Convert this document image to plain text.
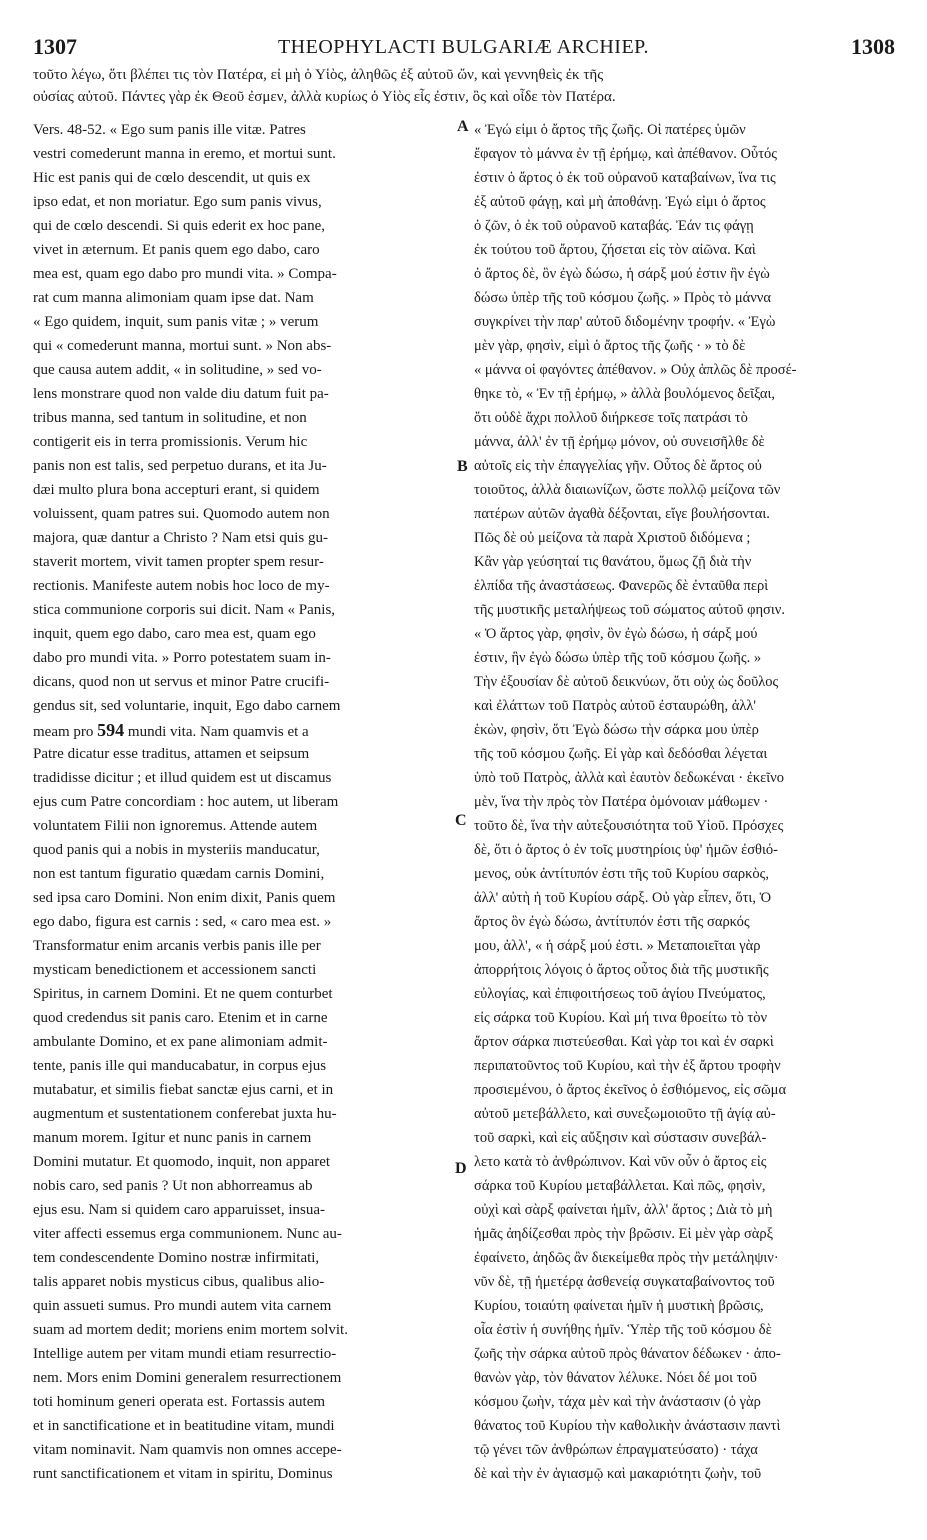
1307	THEOPHYLACTI BULGARIÆ ARCHIEP.	1308
τοῦτο λέγω, ὅτι βλέπει τις τὸν Πατέρα, εἰ μὴ ὁ Υἱὸς, ἀληθῶς ἐξ αὐτοῦ ὤν, καὶ γεννηθεὶς ἐκ τῆς
οὐσίας αὐτοῦ. Πάντες γὰρ ἐκ Θεοῦ ἐσμεν, ἀλλὰ κυρίως ὁ Υἱὸς εἷς ἐστιν, ὃς καὶ οἶδε τὸν Πατέρα.
Vers. 48-52. « Ego sum panis ille vitæ. Patres
vestri comederunt manna in eremo, et mortui sunt.
Hic est panis qui de cœlo descendit, ut quis ex
ipso edat, et non moriatur. Ego sum panis vivus,
qui de cœlo descendi. Si quis ederit ex hoc pane,
vivet in æternum. Et panis quem ego dabo, caro
mea est, quam ego dabo pro mundi vita. » Compa-
rat cum manna alimoniam quam ipse dat. Nam
« Ego quidem, inquit, sum panis vitæ ; » verum
qui « comederunt manna, mortui sunt. » Non abs-
que causa autem addit, « in solitudine, » sed vo-
lens monstrare quod non valde diu datum fuit pa-
tribus manna, sed tantum in solitudine, et non
contigerit eis in terra promissionis. Verum hic
panis non est talis, sed perpetuo durans, et ita Ju-
dæi multo plura bona accepturi erant, si quidem
voluissent, quam patres sui. Quomodo autem non
majora, quæ dantur a Christo ? Nam etsi quis gu-
staverit mortem, vivit tamen propter spem resur-
rectionis. Manifeste autem nobis hoc loco de my-
stica communione corporis sui dicit. Nam « Panis,
inquit, quem ego dabo, caro mea est, quam ego
dabo pro mundi vita. » Porro potestatem suam in-
dicans, quod non ut servus et minor Patre crucifi-
gendus sit, sed voluntarie, inquit, Ego dabo carnem
meam pro 594 mundi vita. Nam quamvis et a
Patre dicatur esse traditus, attamen et seipsum
tradidisse dicitur ; et illud quidem est ut discamus
ejus cum Patre concordiam : hoc autem, ut liberam
voluntatem Filii non ignoremus. Attende autem
quod panis qui a nobis in mysteriis manducatur,
non est tantum figuratio quædam carnis Domini,
sed ipsa caro Domini. Non enim dixit, Panis quem
ego dabo, figura est carnis : sed, « caro mea est. »
Transformatur enim arcanis verbis panis ille per
mysticam benedictionem et accessionem sancti
Spiritus, in carnem Domini. Et ne quem conturbet
quod credendus sit panis caro. Etenim et in carne
ambulante Domino, et ex pane alimoniam admit-
tente, panis ille qui manducabatur, in corpus ejus
mutabatur, et similis fiebat sanctæ ejus carni, et in
augmentum et sustentationem conferebat juxta hu-
manum morem. Igitur et nunc panis in carnem
Domini mutatur. Et quomodo, inquit, non apparet
nobis caro, sed panis ? Ut non abhorreamus ab
ejus esu. Nam si quidem caro apparuisset, insua-
viter affecti essemus erga communionem. Nunc au-
tem condescendente Domino nostræ infirmitati,
talis apparet nobis mysticus cibus, qualibus alio-
quin assueti sumus. Pro mundi autem vita carnem
suam ad mortem dedit; moriens enim mortem solvit.
Intellige autem per vitam mundi etiam resurrectio-
nem. Mors enim Domini generalem resurrectionem
toti hominum generi operata est. Fortassis autem
et in sanctificatione et in beatitudine vitam, mundi
vitam nominavit. Nam quamvis non omnes accepe-
runt sanctificationem et vitam in spiritu, Dominus
« Ἐγώ εἰμι ὁ ἄρτος τῆς ζωῆς. Οἱ πατέρες ὑμῶν
ἔφαγον τὸ μάννα ἐν τῇ ἐρήμῳ, καὶ ἀπέθανον. Οὗτός
ἐστιν ὁ ἄρτος ὁ ἐκ τοῦ οὐρανοῦ καταβαίνων, ἵνα τις
ἐξ αὐτοῦ φάγῃ, καὶ μὴ ἀποθάνῃ. Ἐγώ εἰμι ὁ ἄρτος
ὁ ζῶν, ὁ ἐκ τοῦ οὐρανοῦ καταβάς. Ἐάν τις φάγῃ
ἐκ τούτου τοῦ ἄρτου, ζήσεται εἰς τὸν αἰῶνα. Καὶ
ὁ ἄρτος δὲ, ὃν ἐγὼ δώσω, ἡ σάρξ μού ἐστιν ἣν ἐγὼ
δώσω ὑπὲρ τῆς τοῦ κόσμου ζωῆς. » Πρὸς τὸ μάννα
συγκρίνει τὴν παρ' αὐτοῦ διδομένην τροφήν. « Ἐγὼ
μὲν γὰρ, φησὶν, εἰμὶ ὁ ἄρτος τῆς ζωῆς · » τὸ δὲ
« μάννα οἱ φαγόντες ἀπέθανον. » Οὐχ ἁπλῶς δὲ προσέ-
θηκε τὸ, « Ἐν τῇ ἐρήμῳ, » ἀλλὰ βουλόμενος δεῖξαι,
ὅτι οὐδὲ ἄχρι πολλοῦ διήρκεσε τοῖς πατράσι τὸ
μάννα, ἀλλ' ἐν τῇ ἐρήμῳ μόνον, οὐ συνεισῆλθε δὲ
αὐτοῖς εἰς τὴν ἐπαγγελίας γῆν. Οὗτος δὲ ἄρτος οὐ
τοιοῦτος, ἀλλὰ διαιωνίζων, ὥστε πολλῷ μείζονα τῶν
πατέρων αὐτῶν ἀγαθὰ δέξονται, εἴγε βουλήσονται.
Πῶς δὲ οὐ μείζονα τὰ παρὰ Χριστοῦ διδόμενα ;
Κἂν γὰρ γεύσηταί τις θανάτου, ὅμως ζῇ διὰ τὴν
ἐλπίδα τῆς ἀναστάσεως. Φανερῶς δὲ ἐνταῦθα περὶ
τῆς μυστικῆς μεταλήψεως τοῦ σώματος αὐτοῦ φησιν.
« Ὁ ἄρτος γὰρ, φησὶν, ὃν ἐγὼ δώσω, ἡ σάρξ μού
ἐστιν, ἣν ἐγὼ δώσω ὑπὲρ τῆς τοῦ κόσμου ζωῆς. »
Τὴν ἐξουσίαν δὲ αὐτοῦ δεικνύων, ὅτι οὐχ ὡς δοῦλος
καὶ ἐλάττων τοῦ Πατρὸς αὐτοῦ ἐσταυρώθη, ἀλλ'
ἑκὼν, φησὶν, ὅτι Ἐγὼ δώσω τὴν σάρκα μου ὑπὲρ
τῆς τοῦ κόσμου ζωῆς. Εἰ γὰρ καὶ δεδόσθαι λέγεται
ὑπὸ τοῦ Πατρὸς, ἀλλὰ καὶ ἑαυτὸν δεδωκέναι · ἐκεῖνο
μὲν, ἵνα τὴν πρὸς τὸν Πατέρα ὁμόνοιαν μάθωμεν ·
τοῦτο δὲ, ἵνα τὴν αὐτεξουσιότητα τοῦ Υἱοῦ. Πρόσχες
δὲ, ὅτι ὁ ἄρτος ὁ ἐν τοῖς μυστηρίοις ὑφ' ἡμῶν ἐσθιό-
μενος, οὐκ ἀντίτυπόν ἐστι τῆς τοῦ Κυρίου σαρκὸς,
ἀλλ' αὐτὴ ἡ τοῦ Κυρίου σάρξ. Οὐ γὰρ εἶπεν, ὅτι, Ὁ
ἄρτος ὃν ἐγὼ δώσω, ἀντίτυπόν ἐστι τῆς σαρκός
μου, ἀλλ', « ἡ σάρξ μού ἐστι. » Μεταποιεῖται γὰρ
ἀπορρήτοις λόγοις ὁ ἄρτος οὗτος διὰ τῆς μυστικῆς
εὐλογίας, καὶ ἐπιφοιτήσεως τοῦ ἁγίου Πνεύματος,
εἰς σάρκα τοῦ Κυρίου. Καὶ μή τινα θροείτω τὸ τὸν
ἄρτον σάρκα πιστεύεσθαι. Καὶ γὰρ τοι καὶ ἐν σαρκὶ
περιπατοῦντος τοῦ Κυρίου, καὶ τὴν ἐξ ἄρτου τροφὴν
προσιεμένου, ὁ ἄρτος ἐκεῖνος ὁ ἐσθιόμενος, εἰς σῶμα
αὐτοῦ μετεβάλλετο, καὶ συνεξωμοιοῦτο τῇ ἁγίᾳ αὐ-
τοῦ σαρκὶ, καὶ εἰς αὔξησιν καὶ σύστασιν συνεβάλ-
λετο κατὰ τὸ ἀνθρώπινον. Καὶ νῦν οὖν ὁ ἄρτος εἰς
σάρκα τοῦ Κυρίου μεταβάλλεται. Καὶ πῶς, φησὶν,
οὐχὶ καὶ σὰρξ φαίνεται ἡμῖν, ἀλλ' ἄρτος ; Διὰ τὸ μὴ
ἡμᾶς ἀηδίζεσθαι πρὸς τὴν βρῶσιν. Εἰ μὲν γὰρ σὰρξ
ἐφαίνετο, ἀηδῶς ἂν διεκείμεθα πρὸς τὴν μετάληψιν·
νῦν δὲ, τῇ ἡμετέρᾳ ἀσθενείᾳ συγκαταβαίνοντος τοῦ
Κυρίου, τοιαύτη φαίνεται ἡμῖν ἡ μυστικὴ βρῶσις,
οἷα ἐστὶν ἡ συνήθης ἡμῖν. Ὑπὲρ τῆς τοῦ κόσμου δὲ
ζωῆς τὴν σάρκα αὐτοῦ πρὸς θάνατον δέδωκεν · ἀπο-
θανὼν γὰρ, τὸν θάνατον λέλυκε. Νόει δέ μοι τοῦ
κόσμου ζωὴν, τάχα μὲν καὶ τὴν ἀνάστασιν (ὁ γὰρ
θάνατος τοῦ Κυρίου τὴν καθολικὴν ἀνάστασιν παντὶ
τῷ γένει τῶν ἀνθρώπων ἐπραγματεύσατο) · τάχα
δὲ καὶ τὴν ἐν ἁγιασμῷ καὶ μακαριότητι ζωὴν, τοῦ
A
B
C
D
